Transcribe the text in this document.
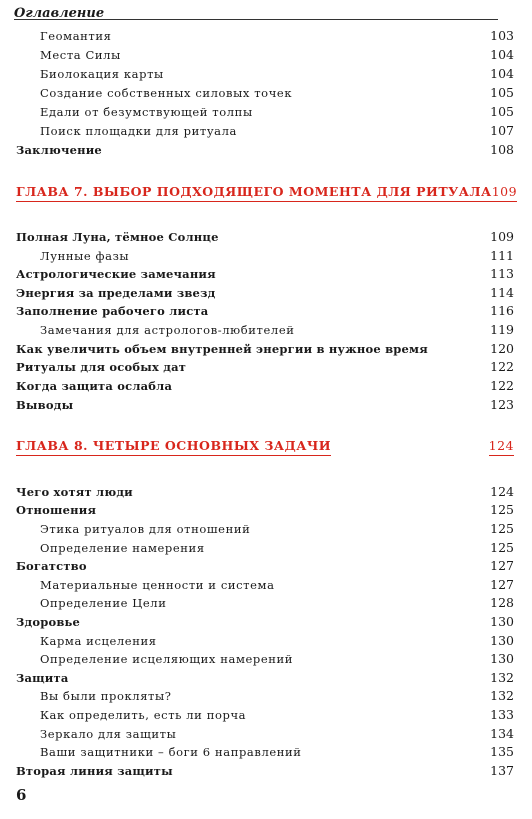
Оглавление
Геомантия	103
Места Силы	104
Биолокация карты	104
Создание собственных силовых точек	105
Едали от безумствующей толпы	105
Поиск площадки для ритуала	107
Заключение	108
ГЛАВА 7. ВЫБОР ПОДХОДЯЩЕГО МОМЕНТА ДЛЯ РИТУАЛА 109
Полная Луна, тёмное Солнце	109
Лунные фазы	111
Астрологические замечания	113
Энергия за пределами звезд	114
Заполнение рабочего листа	116
Замечания для астрологов-любителей	119
Как увеличить объем внутренней энергии в нужное время	120
Ритуалы для особых дат	122
Когда защита ослабла	122
Выводы	123
ГЛАВА 8. ЧЕТЫРЕ ОСНОВНЫХ ЗАДАЧИ	124
Чего хотят люди	124
Отношения	125
Этика ритуалов для отношений	125
Определение намерения	125
Богатство	127
Материальные ценности и система	127
Определение Цели	128
Здоровье	130
Карма исцеления	130
Определение исцеляющих намерений	130
Защита	132
Вы были прокляты?	132
Как определить, есть ли порча	133
Зеркало для защиты	134
Ваши защитники – боги 6 направлений	135
Вторая линия защиты	137
6
